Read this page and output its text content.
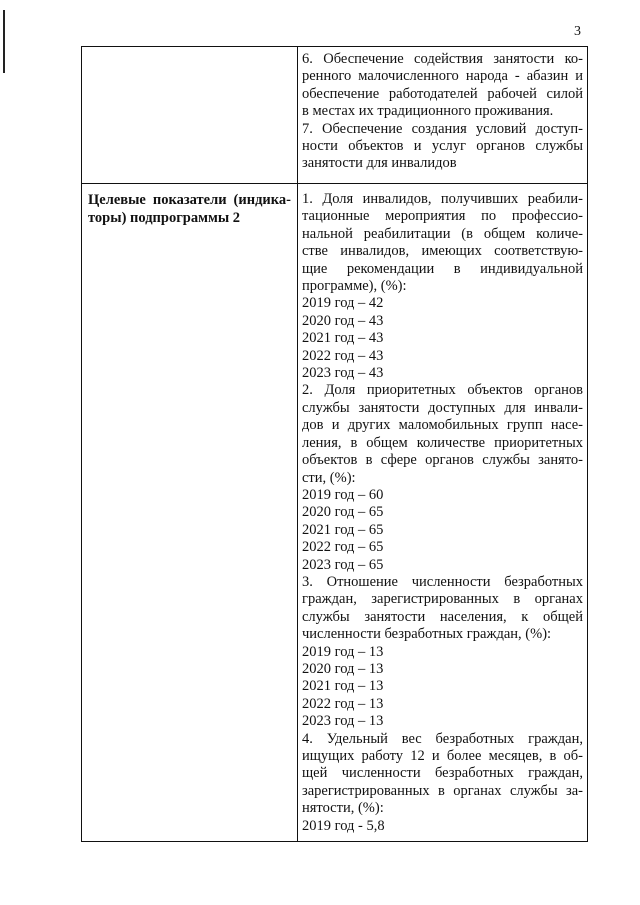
3
6. Обеспечение содействия занятости ко-
ренного малочисленного народа - абазин и
обеспечение работодателей рабочей силой
в местах их традиционного проживания.
7. Обеспечение создания условий доступ-
ности объектов и услуг органов службы
занятости для инвалидов
Целевые показатели (индика-
торы) подпрограммы 2
1. Доля инвалидов, получивших реабили-
тационные мероприятия по профессио-
нальной реабилитации (в общем количе-
стве инвалидов, имеющих соответствую-
щие рекомендации в индивидуальной
программе), (%):
2019 год – 42
2020 год – 43
2021 год – 43
2022 год – 43
2023 год – 43
2. Доля приоритетных объектов органов
службы занятости доступных для инвали-
дов и других маломобильных групп насе-
ления, в общем количестве приоритетных
объектов в сфере органов службы занято-
сти, (%):
2019 год – 60
2020 год – 65
2021 год – 65
2022 год – 65
2023 год – 65
3. Отношение численности безработных
граждан, зарегистрированных в органах
службы занятости населения, к общей
численности безработных граждан, (%):
2019 год – 13
2020 год – 13
2021 год – 13
2022 год – 13
2023 год – 13
4. Удельный вес безработных граждан,
ищущих работу 12 и более месяцев, в об-
щей численности безработных граждан,
зарегистрированных в органах службы за-
нятости, (%):
2019 год - 5,8
